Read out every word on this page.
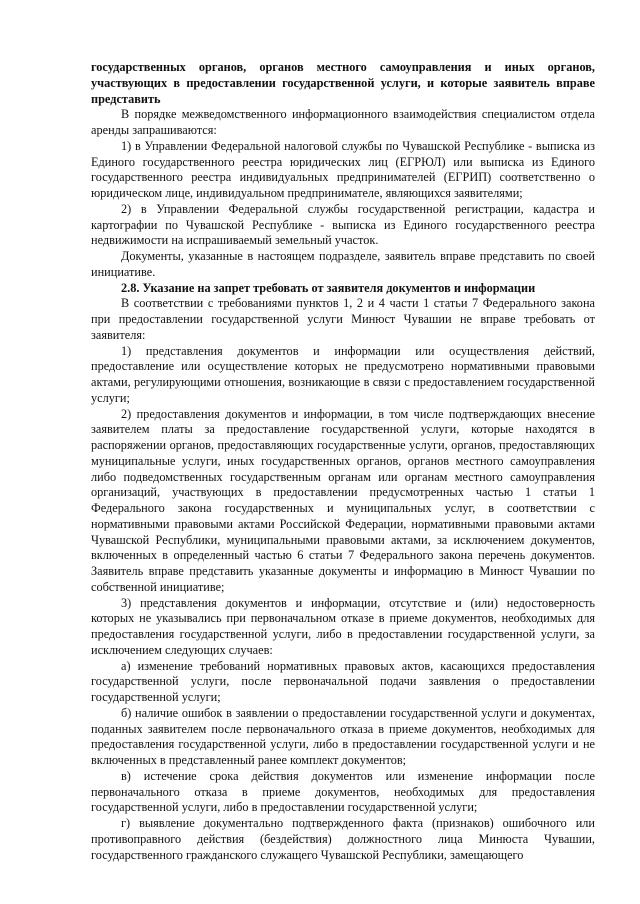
государственных органов, органов местного самоуправления и иных органов, участвующих в предоставлении государственной услуги, и которые заявитель вправе представить

В порядке межведомственного информационного взаимодействия специалистом отдела аренды запрашиваются:

1) в Управлении Федеральной налоговой службы по Чувашской Республике - выписка из Единого государственного реестра юридических лиц (ЕГРЮЛ) или выписка из Единого государственного реестра индивидуальных предпринимателей (ЕГРИП) соответственно о юридическом лице, индивидуальном предпринимателе, являющихся заявителями;

2) в Управлении Федеральной службы государственной регистрации, кадастра и картографии по Чувашской Республике - выписка из Единого государственного реестра недвижимости на испрашиваемый земельный участок.

Документы, указанные в настоящем подразделе, заявитель вправе представить по своей инициативе.

2.8. Указание на запрет требовать от заявителя документов и информации

В соответствии с требованиями пунктов 1, 2 и 4 части 1 статьи 7 Федерального закона при предоставлении государственной услуги Минюст Чувашии не вправе требовать от заявителя:

1) представления документов и информации или осуществления действий, предоставление или осуществление которых не предусмотрено нормативными правовыми актами, регулирующими отношения, возникающие в связи с предоставлением государственной услуги;

2) предоставления документов и информации, в том числе подтверждающих внесение заявителем платы за предоставление государственной услуги, которые находятся в распоряжении органов, предоставляющих государственные услуги, органов, предоставляющих муниципальные услуги, иных государственных органов, органов местного самоуправления либо подведомственных государственным органам или органам местного самоуправления организаций, участвующих в предоставлении предусмотренных частью 1 статьи 1 Федерального закона государственных и муниципальных услуг, в соответствии с нормативными правовыми актами Российской Федерации, нормативными правовыми актами Чувашской Республики, муниципальными правовыми актами, за исключением документов, включенных в определенный частью 6 статьи 7 Федерального закона перечень документов. Заявитель вправе представить указанные документы и информацию в Минюст Чувашии по собственной инициативе;

3) представления документов и информации, отсутствие и (или) недостоверность которых не указывались при первоначальном отказе в приеме документов, необходимых для предоставления государственной услуги, либо в предоставлении государственной услуги, за исключением следующих случаев:

а) изменение требований нормативных правовых актов, касающихся предоставления государственной услуги, после первоначальной подачи заявления о предоставлении государственной услуги;

б) наличие ошибок в заявлении о предоставлении государственной услуги и документах, поданных заявителем после первоначального отказа в приеме документов, необходимых для предоставления государственной услуги, либо в предоставлении государственной услуги и не включенных в представленный ранее комплект документов;

в) истечение срока действия документов или изменение информации после первоначального отказа в приеме документов, необходимых для предоставления государственной услуги, либо в предоставлении государственной услуги;

г) выявление документально подтвержденного факта (признаков) ошибочного или противоправного действия (бездействия) должностного лица Минюста Чувашии, государственного гражданского служащего Чувашской Республики, замещающего
